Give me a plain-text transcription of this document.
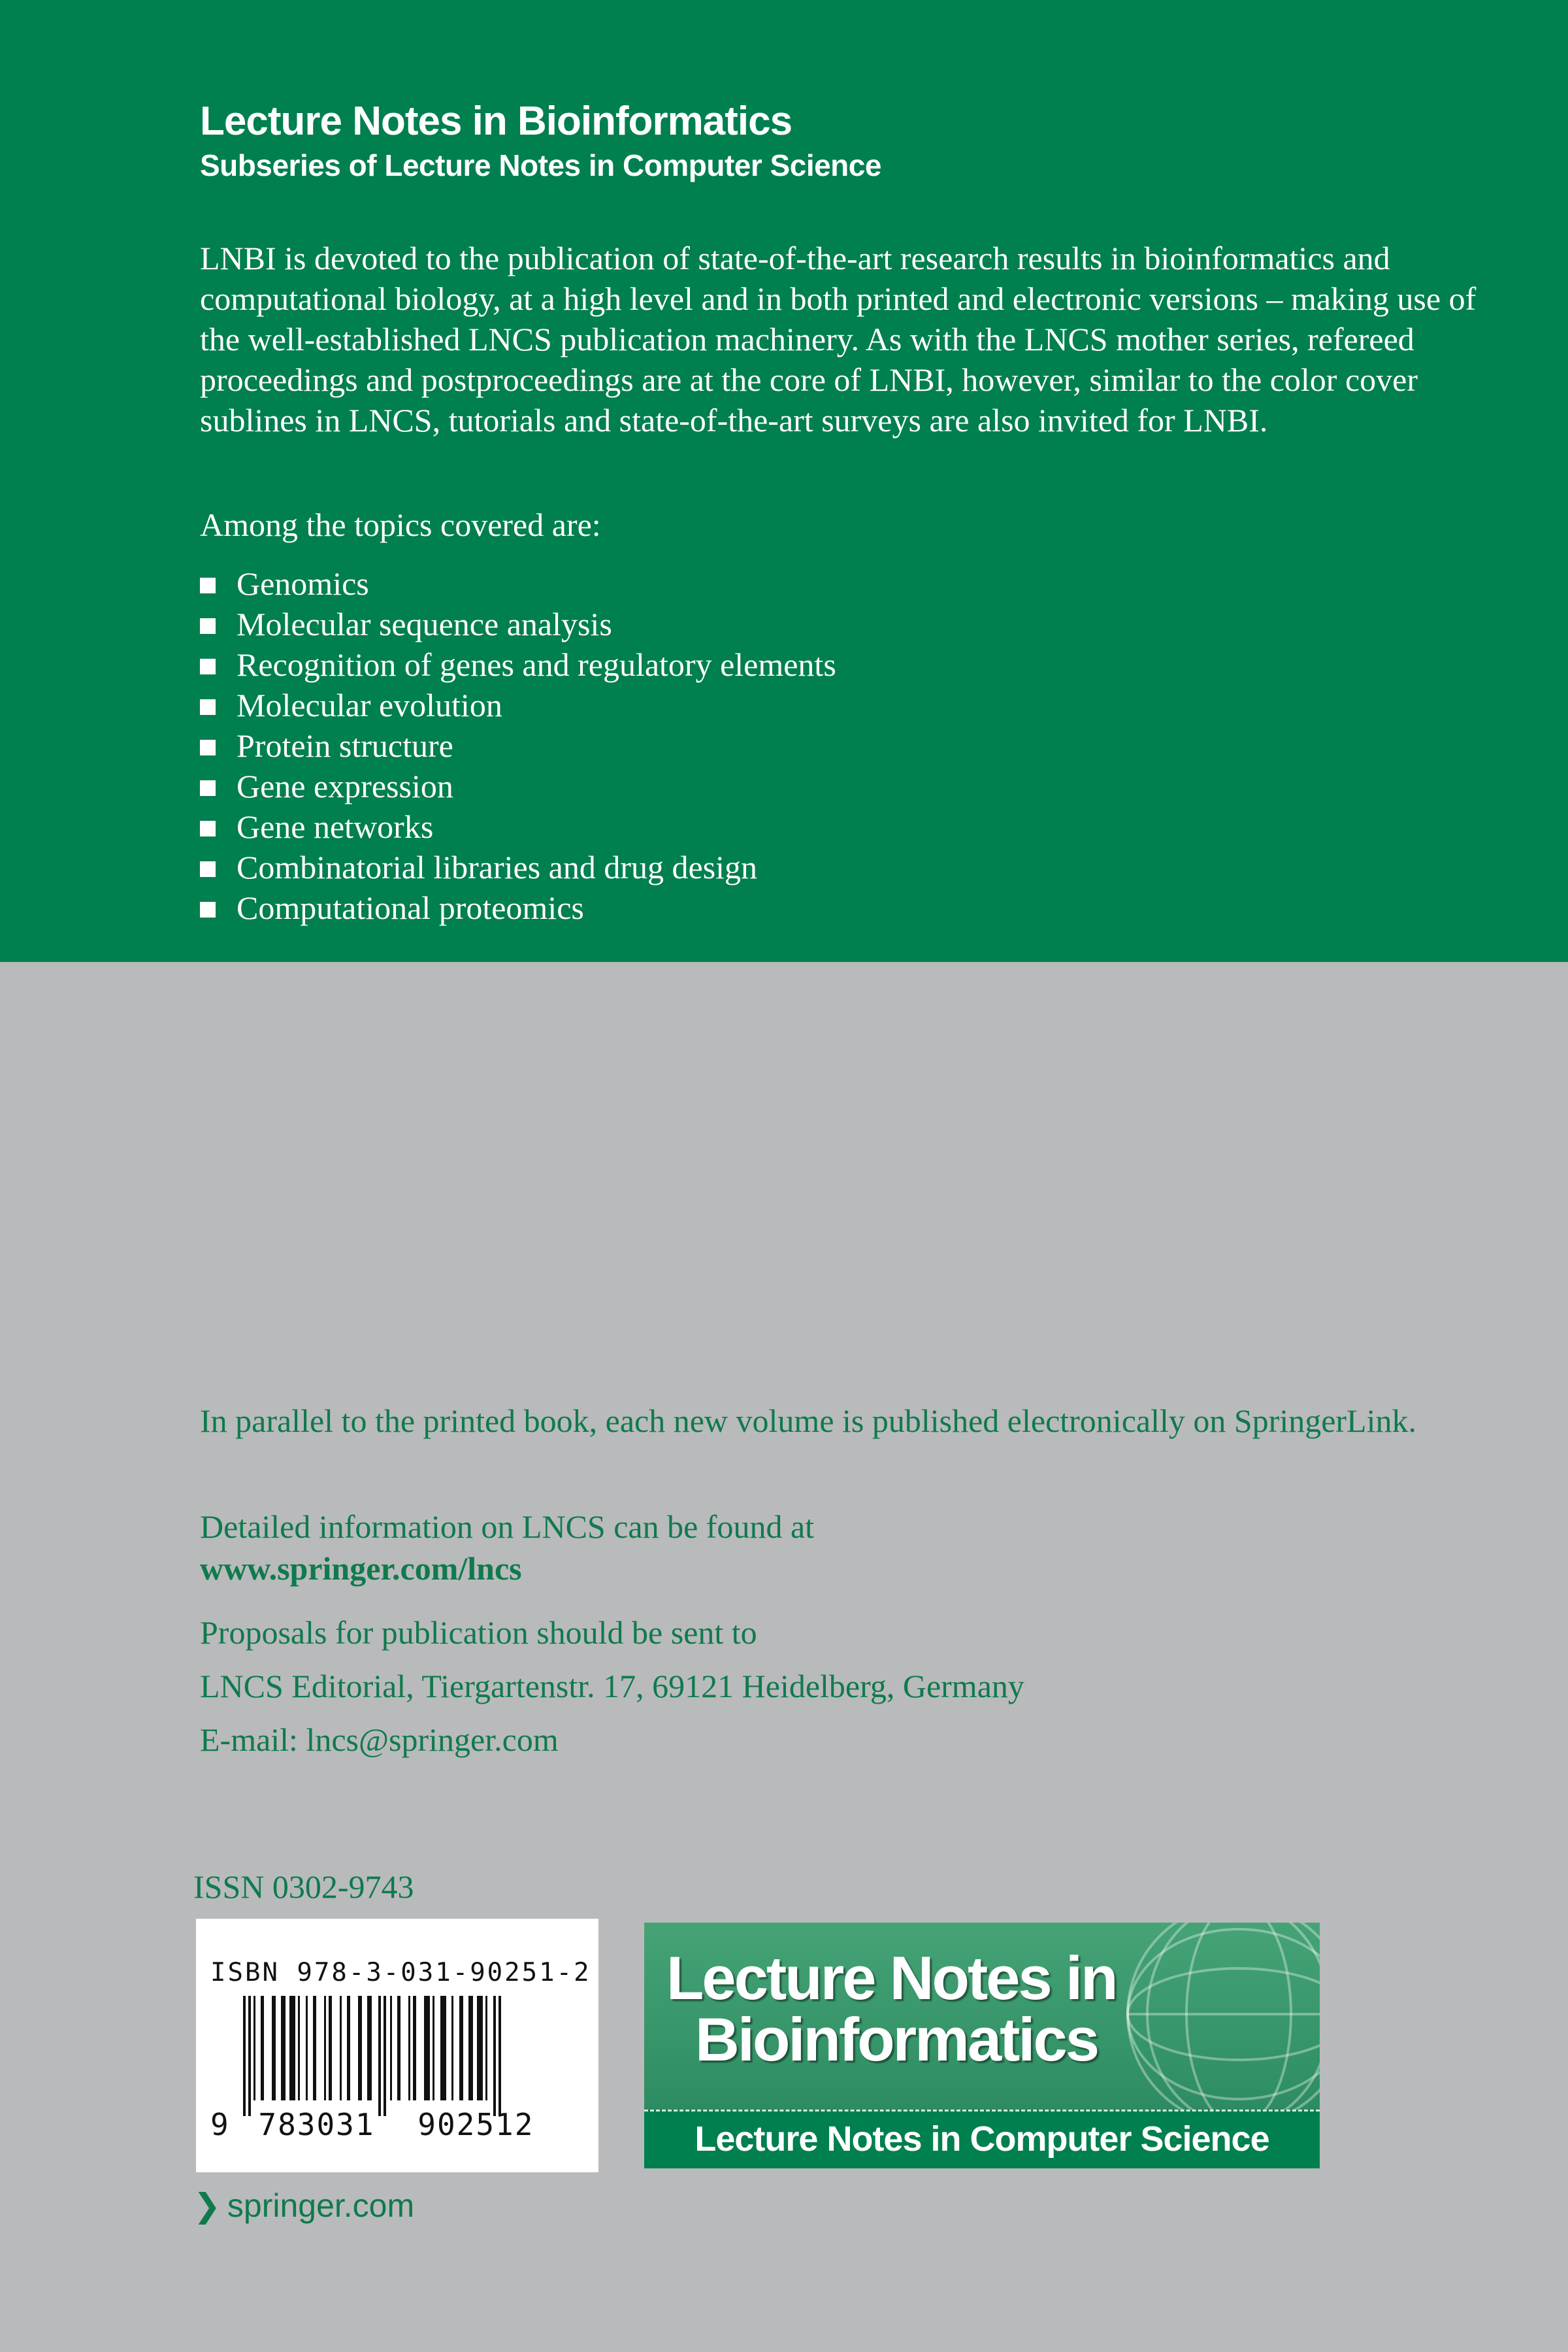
Lecture Notes in Bioinformatics
Subseries of Lecture Notes in Computer Science

LNBI is devoted to the publication of state-of-the-art research results in bioinformatics and computational biology, at a high level and in both printed and electronic versions – making use of the well-established LNCS publication machinery. As with the LNCS mother series, refereed proceedings and postproceedings are at the core of LNBI, however, similar to the color cover sublines in LNCS, tutorials and state-of-the-art surveys are also invited for LNBI.

Among the topics covered are:

Genomics
Molecular sequence analysis
Recognition of genes and regulatory elements
Molecular evolution
Protein structure
Gene expression
Gene networks
Combinatorial libraries and drug design
Computational proteomics

In parallel to the printed book, each new volume is published electronically on SpringerLink.

Detailed information on LNCS can be found at
www.springer.com/lncs

Proposals for publication should be sent to

LNCS Editorial, Tiergartenstr. 17, 69121 Heidelberg, Germany

E-mail: lncs@springer.com

ISSN 0302-9743
ISBN 978-3-031-90251-2
9 783031 902512
Lecture Notes in
Bioinformatics
Lecture Notes in Computer Science
❯ springer.com
